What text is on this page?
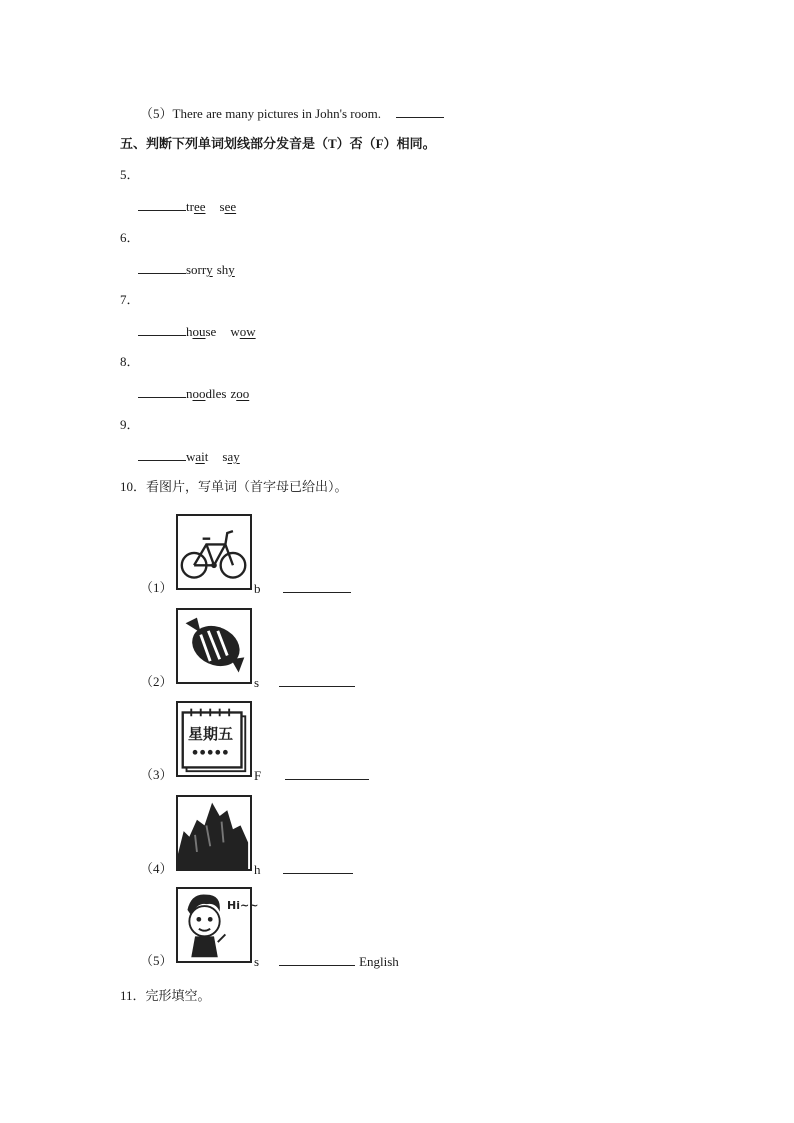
（5）There are many pictures in John's room.
五、判断下列单词划线部分发音是（T）否（F）相同。
5．
tree see
6．
sorry shy
7．
house wow
8．
noodles zoo
9．
wait say
10．看图片，写单词（首字母已给出）。
（1）	b
（2）	s
星期五
（3）	F
（4）	h
Hi~~
（5）	s	English
11．完形填空。
